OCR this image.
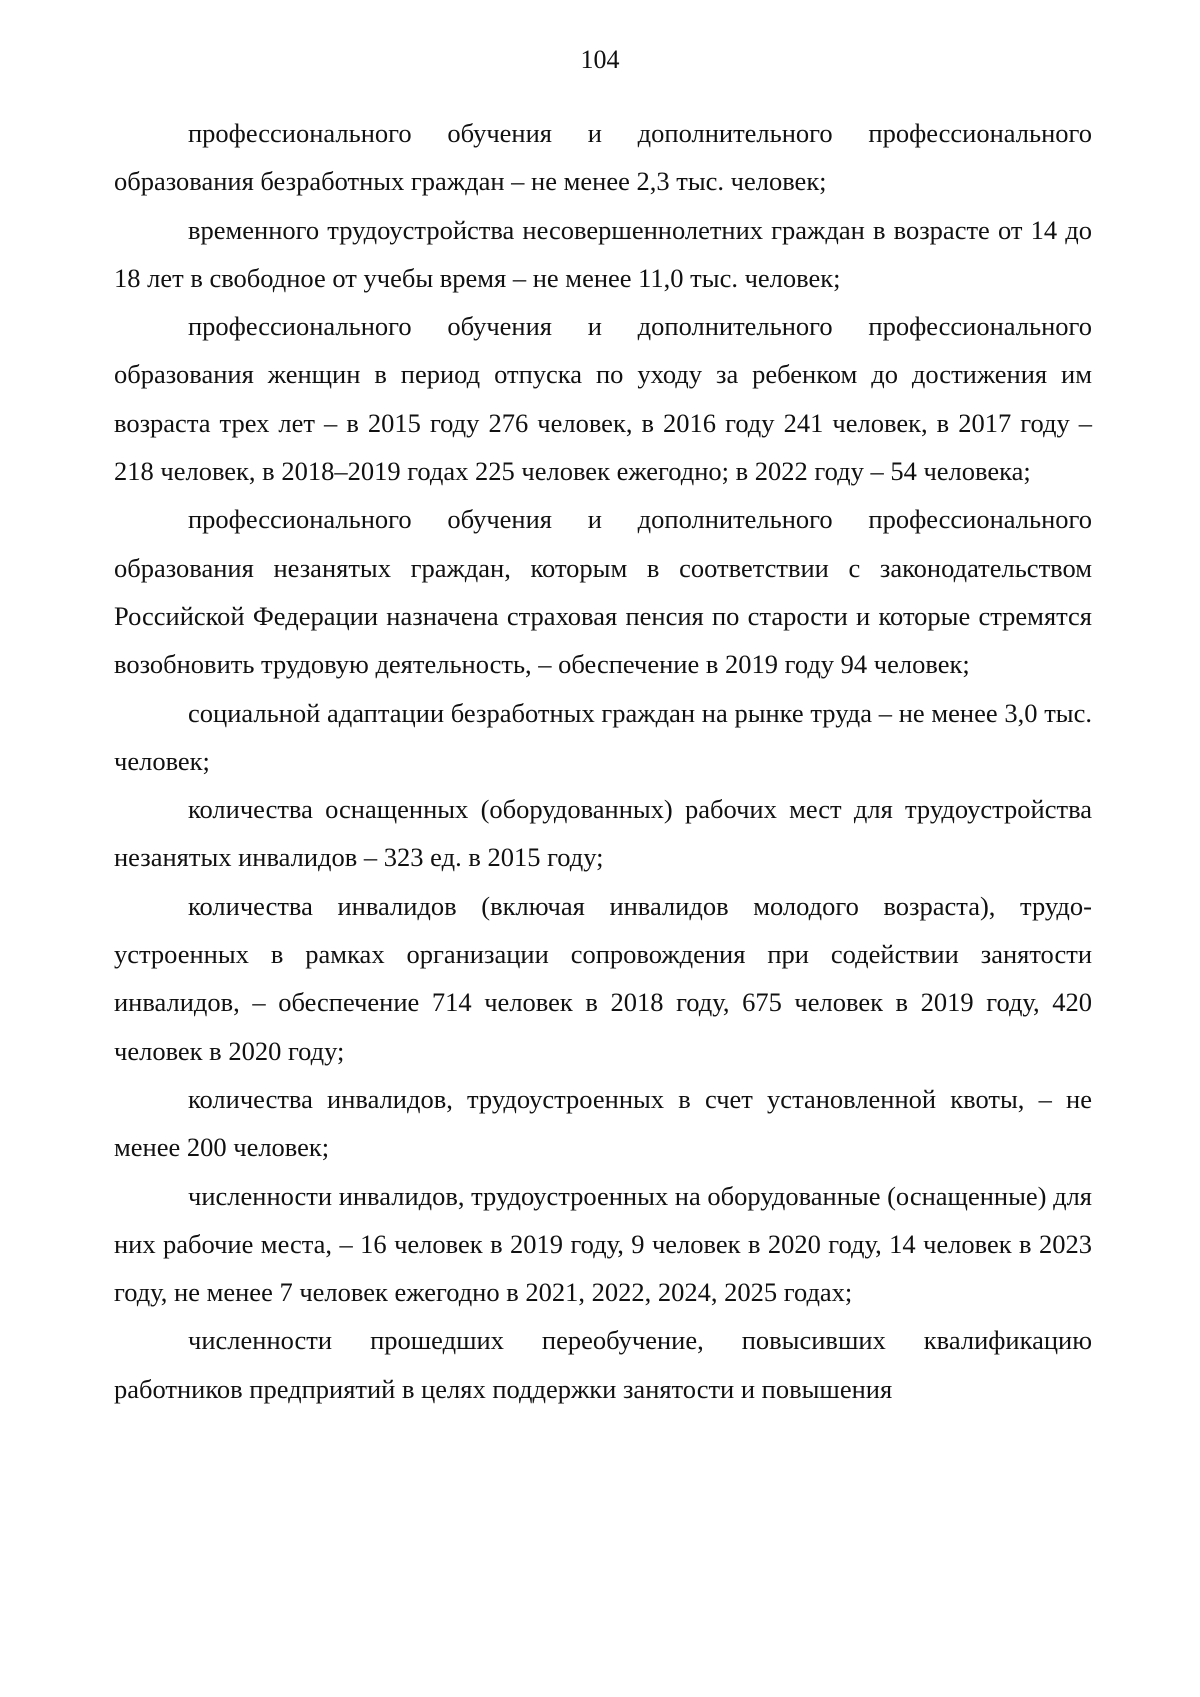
104

профессионального обучения и дополнительного профессионального образования безработных граждан – не менее 2,3 тыс. человек;

временного трудоустройства несовершеннолетних граждан в возрасте от 14 до 18 лет в свободное от учебы время – не менее 11,0 тыс. человек;

профессионального обучения и дополнительного профессионального образования женщин в период отпуска по уходу за ребенком до достижения им возраста трех лет – в 2015 году 276 человек, в 2016 году 241 человек, в 2017 году – 218 человек, в 2018–2019 годах 225 человек ежегодно; в 2022 году – 54 человека;

профессионального обучения и дополнительного профессионального образования незанятых граждан, которым в соответствии с законодательством Российской Федерации назначена страховая пенсия по старости и которые стремятся возобновить трудовую деятельность, – обеспечение в 2019 году 94 человек;

социальной адаптации безработных граждан на рынке труда – не менее 3,0 тыс. человек;

количества оснащенных (оборудованных) рабочих мест для трудоустройства незанятых инвалидов – 323 ед. в 2015 году;

количества инвалидов (включая инвалидов молодого возраста), трудоустроенных в рамках организации сопровождения при содействии занятости инвалидов, – обеспечение 714 человек в 2018 году, 675 человек в 2019 году, 420 человек в 2020 году;

количества инвалидов, трудоустроенных в счет установленной квоты, – не менее 200 человек;

численности инвалидов, трудоустроенных на оборудованные (оснащенные) для них рабочие места, – 16 человек в 2019 году, 9 человек в 2020 году, 14 человек в 2023 году, не менее 7 человек ежегодно в 2021, 2022, 2024, 2025 годах;

численности прошедших переобучение, повысивших квалификацию работников предприятий в целях поддержки занятости и повышения
